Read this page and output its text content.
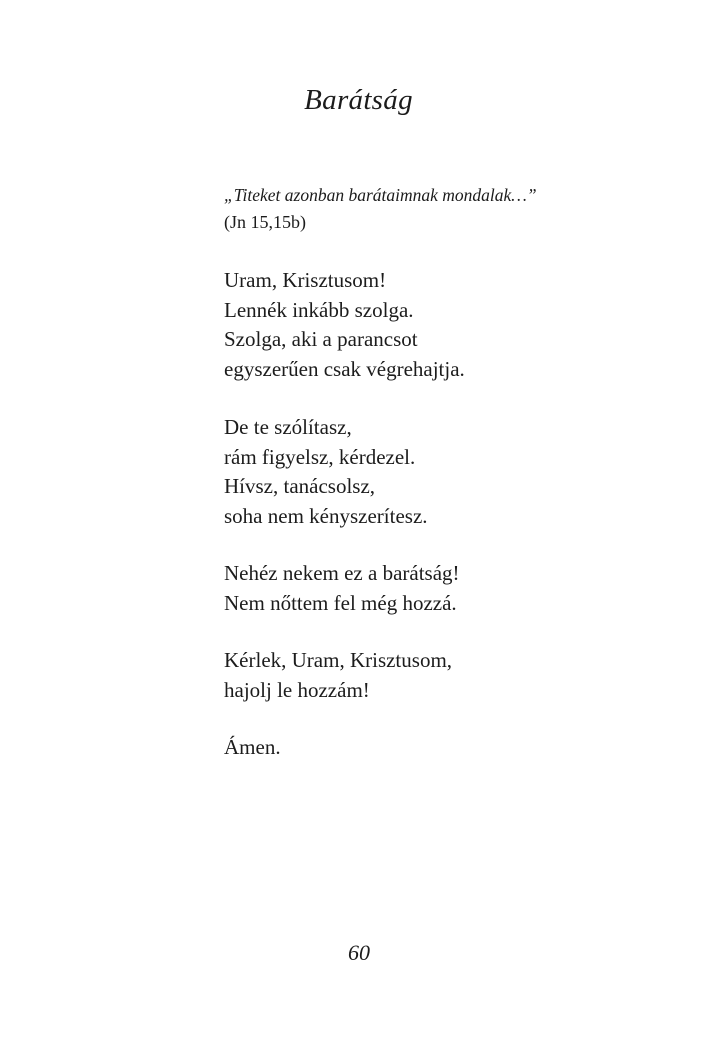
Barátság

„Titeket azonban barátaimnak mondalak…”

(Jn 15,15b)

Uram, Krisztusom!
Lennék inkább szolga.
Szolga, aki a parancsot
egyszerűen csak végrehajtja.

De te szólítasz,
rám figyelsz, kérdezel.
Hívsz, tanácsolsz,
soha nem kényszerítesz.

Nehéz nekem ez a barátság!
Nem nőttem fel még hozzá.

Kérlek, Uram, Krisztusom,
hajolj le hozzám!

Ámen.

60
